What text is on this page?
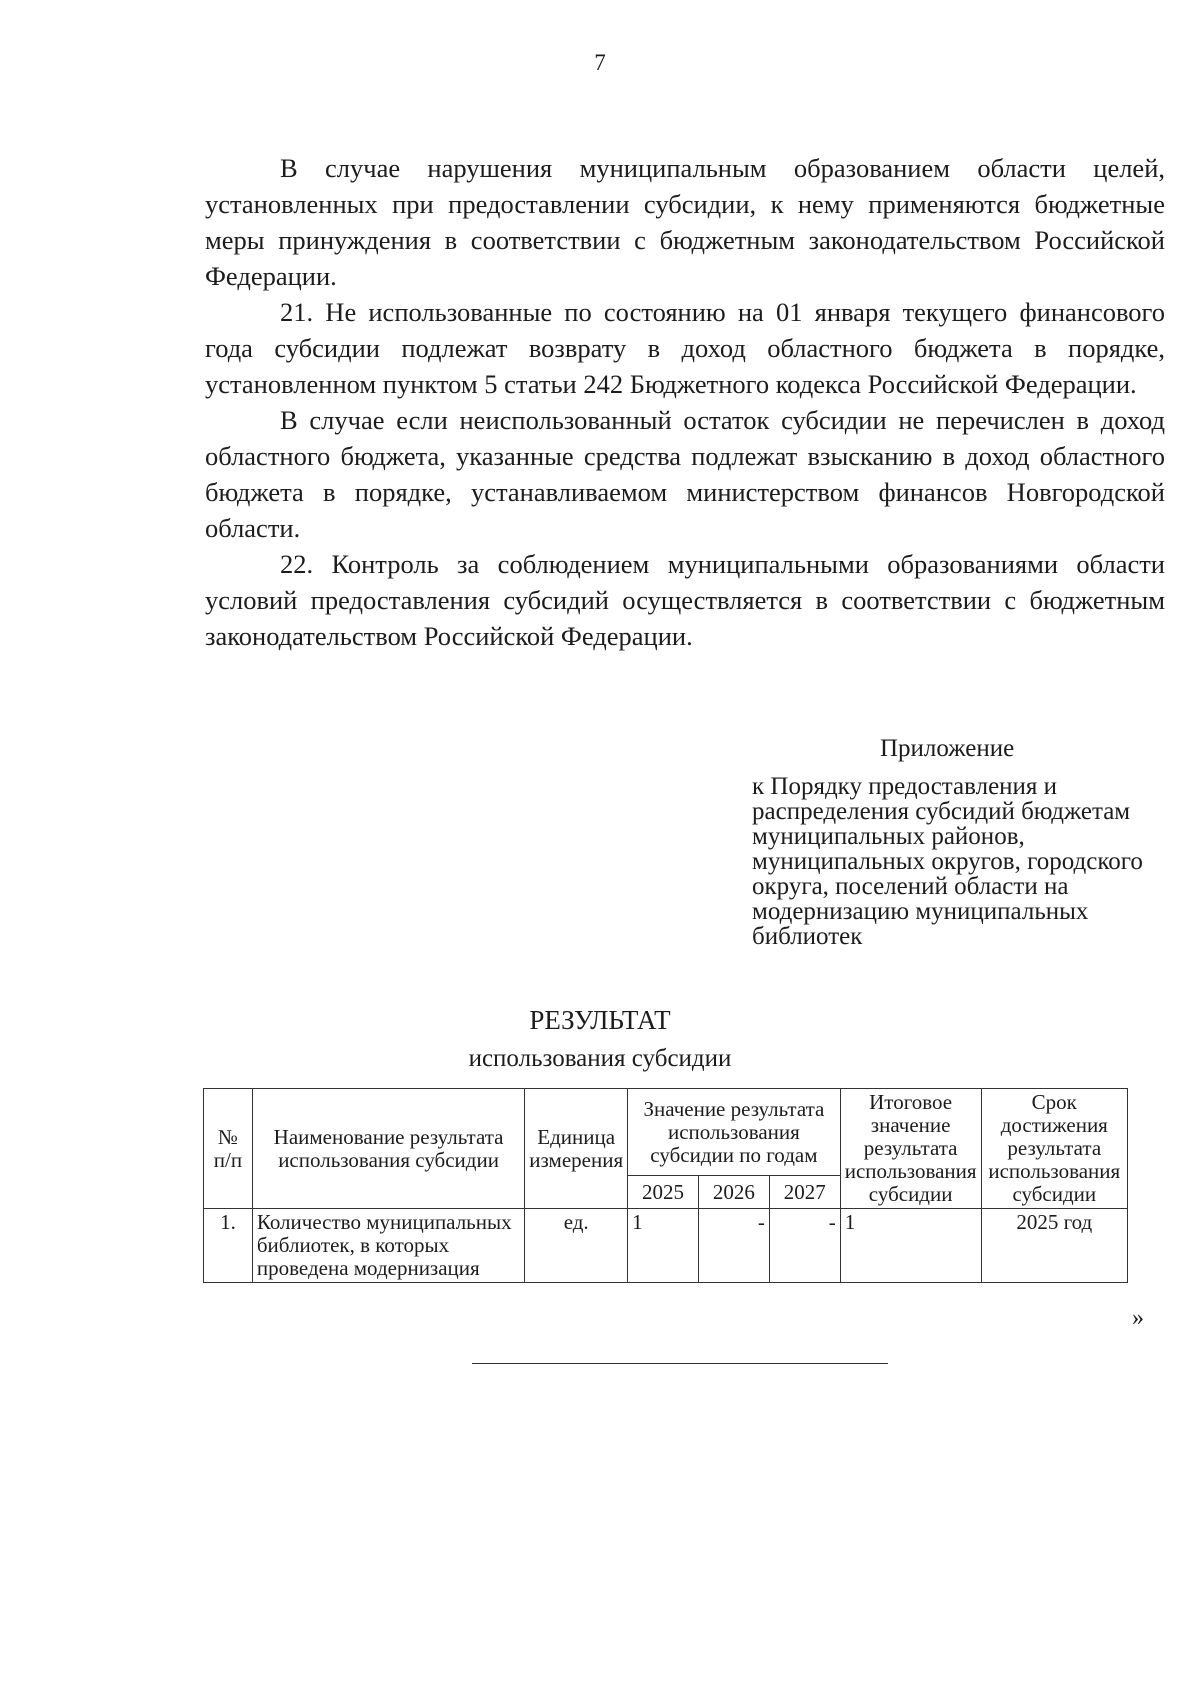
7

В случае нарушения муниципальным образованием области целей, установленных при предоставлении субсидии, к нему применяются бюджетные меры принуждения в соответствии с бюджетным законодательством Российской Федерации.

21. Не использованные по состоянию на 01 января текущего финансового года субсидии подлежат возврату в доход областного бюджета в порядке, установленном пунктом 5 статьи 242 Бюджетного кодекса Российской Федерации.

В случае если неиспользованный остаток субсидии не перечислен в доход областного бюджета, указанные средства подлежат взысканию в доход областного бюджета в порядке, устанавливаемом министерством финансов Новгородской области.

22. Контроль за соблюдением муниципальными образованиями области условий предоставления субсидий осуществляется в соответствии с бюджетным законодательством Российской Федерации.

Приложение
к Порядку предоставления и распределения субсидий бюджетам муниципальных районов, муниципальных округов, городского округа, поселений области на модернизацию муниципальных библиотек
РЕЗУЛЬТАТ
использования субсидии
№ п/п	Наименование результата использования субсидии	Единица измерения	Значение результата использования субсидии по годам			Итоговое значение результата использования субсидии	Срок достижения результата использования субсидии
			2025	2026	2027		
1.	Количество муниципальных библиотек, в которых проведена модернизация	ед.	1	-	-	1	2025 год
»
